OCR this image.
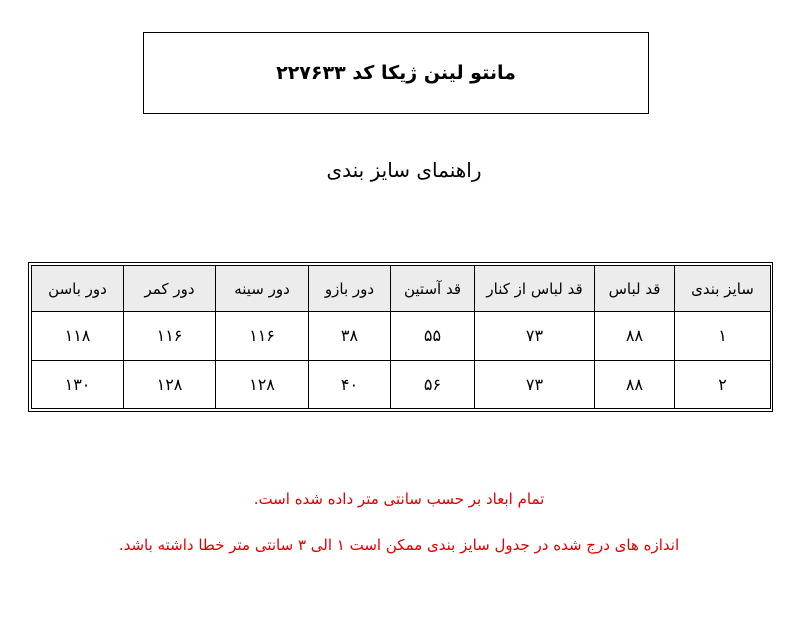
مانتو لینن ژیکا کد ۲۲۷۶۳۳
راهنمای سایز بندی
سایز بندی	قد لباس	قد لباس از کنار	قد آستین	دور بازو	دور سینه	دور کمر	دور باسن
۱	۸۸	۷۳	۵۵	۳۸	۱۱۶	۱۱۶	۱۱۸
۲	۸۸	۷۳	۵۶	۴۰	۱۲۸	۱۲۸	۱۳۰
تمام ابعاد بر حسب سانتی متر داده شده است.
اندازه های درج شده در جدول سایز بندی ممکن است ۱ الی ۳ سانتی متر خطا داشته باشد.
